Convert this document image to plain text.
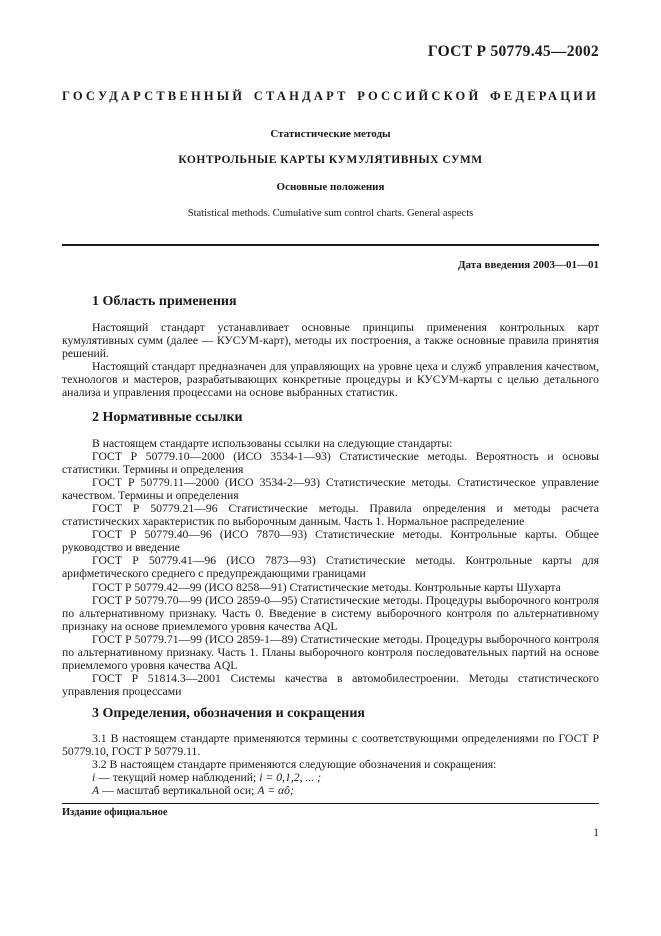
ГОСТ Р 50779.45—2002
ГОСУДАРСТВЕННЫЙ СТАНДАРТ РОССИЙСКОЙ ФЕДЕРАЦИИ
Статистические методы
КОНТРОЛЬНЫЕ КАРТЫ КУМУЛЯТИВНЫХ СУММ
Основные положения
Statistical methods. Cumulative sum control charts. General aspects
Дата введения 2003—01—01
1 Область применения

Настоящий стандарт устанавливает основные принципы применения контрольных карт кумулятивных сумм (далее — КУСУМ-карт), методы их построения, а также основные правила принятия решений.

Настоящий стандарт предназначен для управляющих на уровне цеха и служб управления качеством, технологов и мастеров, разрабатывающих конкретные процедуры и КУСУМ-карты с целью детального анализа и управления процессами на основе выбранных статистик.

2 Нормативные ссылки

В настоящем стандарте использованы ссылки на следующие стандарты:

ГОСТ Р 50779.10—2000 (ИСО 3534-1—93) Статистические методы. Вероятность и основы статистики. Термины и определения

ГОСТ Р 50779.11—2000 (ИСО 3534-2—93) Статистические методы. Статистическое управление качеством. Термины и определения

ГОСТ Р 50779.21—96 Статистические методы. Правила определения и методы расчета статистических характеристик по выборочным данным. Часть 1. Нормальное распределение

ГОСТ Р 50779.40—96 (ИСО 7870—93) Статистические методы. Контрольные карты. Общее руководство и введение

ГОСТ Р 50779.41—96 (ИСО 7873—93) Статистические методы. Контрольные карты для арифметического среднего с предупреждающими границами

ГОСТ Р 50779.42—99 (ИСО 8258—91) Статистические методы. Контрольные карты Шухарта

ГОСТ Р 50779.70—99 (ИСО 2859-0—95) Статистические методы. Процедуры выборочного контроля по альтернативному признаку. Часть 0. Введение в систему выборочного контроля по альтернативному признаку на основе приемлемого уровня качества AQL

ГОСТ Р 50779.71—99 (ИСО 2859-1—89) Статистические методы. Процедуры выборочного контроля по альтернативному признаку. Часть 1. Планы выборочного контроля последовательных партий на основе приемлемого уровня качества AQL

ГОСТ Р 51814.3—2001 Системы качества в автомобилестроении. Методы статистического управления процессами

3 Определения, обозначения и сокращения

3.1 В настоящем стандарте применяются термины с соответствующими определениями по ГОСТ Р 50779.10, ГОСТ Р 50779.11.

3.2 В настоящем стандарте применяются следующие обозначения и сокращения:

i — текущий номер наблюдений; i = 0,1,2, ... ;

A — масштаб вертикальной оси; A = αô;

Издание официальное
1
